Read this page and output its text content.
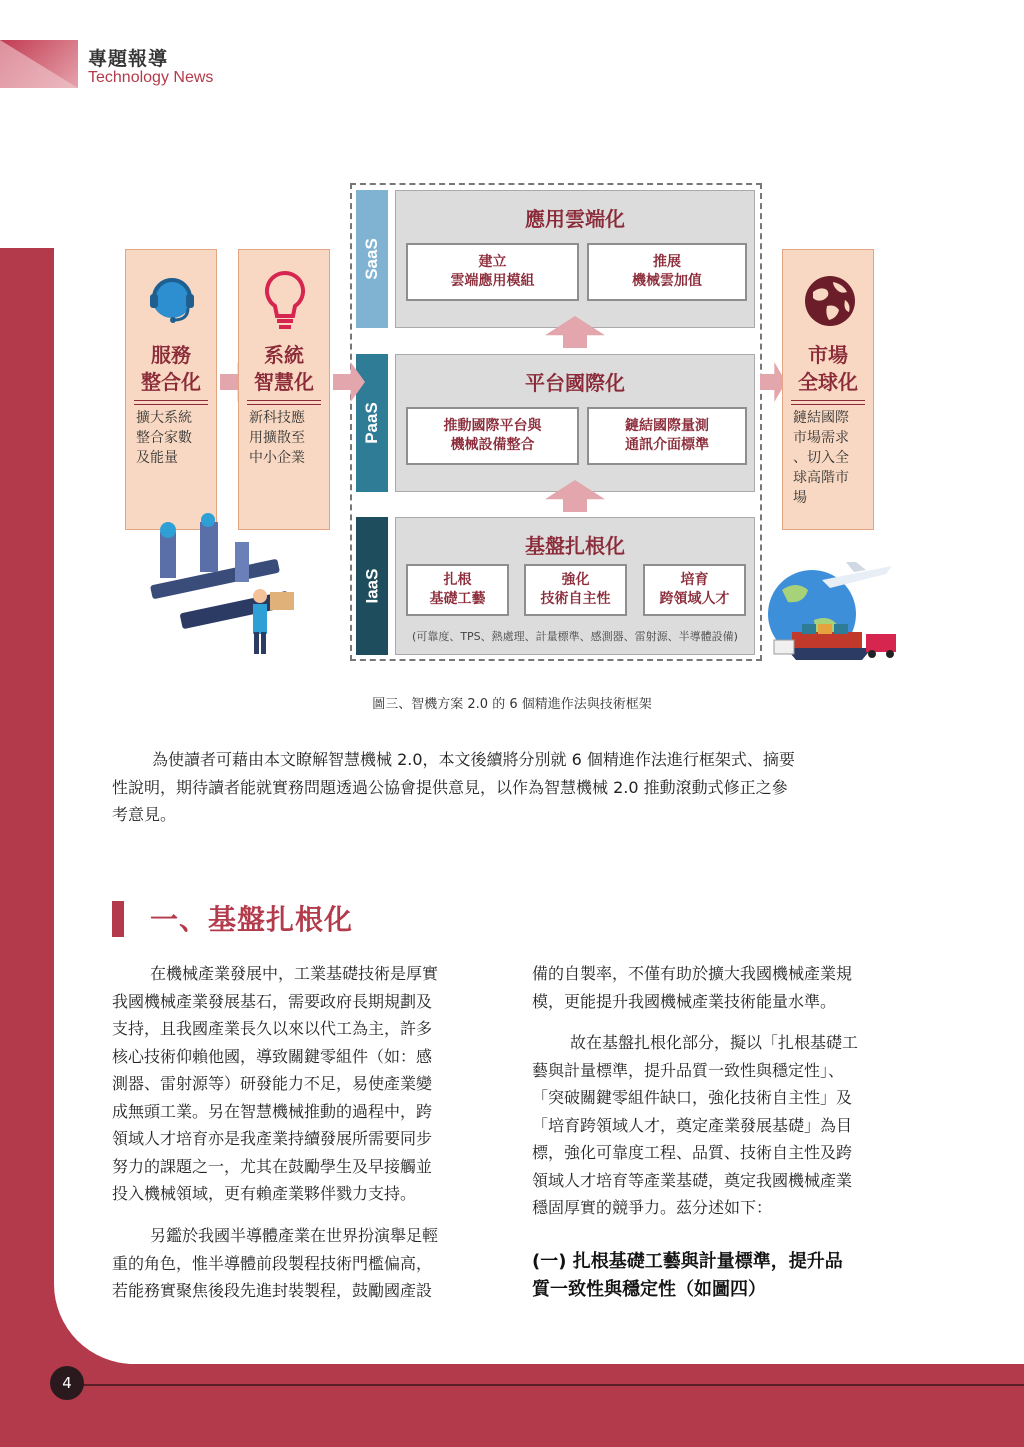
專題報導
Technology News
SaaS
PaaS
IaaS
應用雲端化
建立
雲端應用模組
推展
機械雲加值
平台國際化
推動國際平台與
機械設備整合
鏈結國際量測
通訊介面標準
基盤扎根化
扎根
基礎工藝
強化
技術自主性
培育
跨領域人才
(可靠度、TPS、熱處理、計量標準、感測器、雷射源、半導體設備)
服務
整合化
擴大系統
整合家數
及能量
系統
智慧化
新科技應
用擴散至
中小企業
市場
全球化
鏈結國際
市場需求
、切入全
球高階市
場
圖三、智機方案 2.0 的 6 個精進作法與技術框架
為使讀者可藉由本文瞭解智慧機械 2.0，本文後續將分別就 6 個精進作法進行框架式、摘要
性說明，期待讀者能就實務問題透過公協會提供意見，以作為智慧機械 2.0 推動滾動式修正之參
考意見。
一、基盤扎根化
在機械產業發展中，工業基礎技術是厚實
我國機械產業發展基石，需要政府長期規劃及
支持，且我國產業長久以來以代工為主，許多
核心技術仰賴他國，導致關鍵零組件（如：感
測器、雷射源等）研發能力不足，易使產業變
成無頭工業。另在智慧機械推動的過程中，跨
領域人才培育亦是我產業持續發展所需要同步
努力的課題之一，尤其在鼓勵學生及早接觸並
投入機械領域，更有賴產業夥伴戮力支持。
另鑑於我國半導體產業在世界扮演舉足輕
重的角色，惟半導體前段製程技術門檻偏高，
若能務實聚焦後段先進封裝製程，鼓勵國產設
備的自製率，不僅有助於擴大我國機械產業規
模，更能提升我國機械產業技術能量水準。
故在基盤扎根化部分，擬以「扎根基礎工
藝與計量標準，提升品質一致性與穩定性」、
「突破關鍵零組件缺口，強化技術自主性」及
「培育跨領域人才，奠定產業發展基礎」為目
標，強化可靠度工程、品質、技術自主性及跨
領域人才培育等產業基礎，奠定我國機械產業
穩固厚實的競爭力。茲分述如下：
(一) 扎根基礎工藝與計量標準，提升品
質一致性與穩定性（如圖四）
4
